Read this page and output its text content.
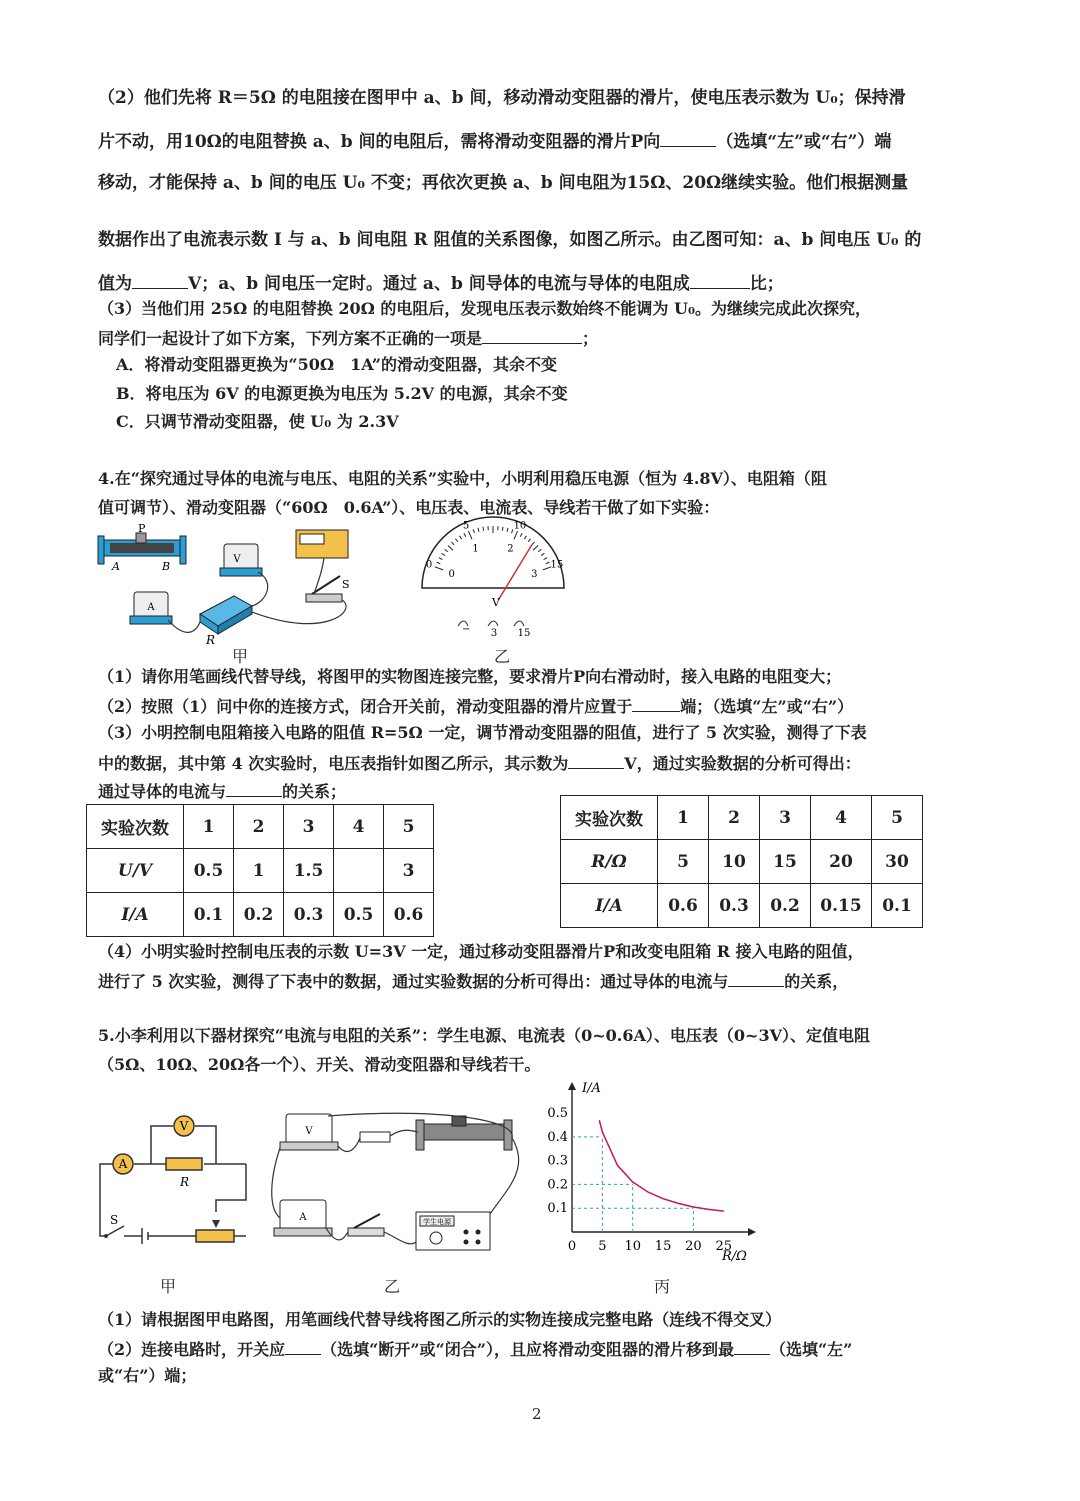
（2）他们先将 R＝5Ω 的电阻接在图甲中 a、b 间，移动滑动变阻器的滑片，使电压表示数为 U₀；保持滑
片不动，用10Ω的电阻替换 a、b 间的电阻后，需将滑动变阻器的滑片P向	（选填“左”或“右”）端
移动，才能保持 a、b 间的电压 U₀ 不变；再依次更换 a、b 间电阻为15Ω、20Ω继续实验。他们根据测量
数据作出了电流表示数 I 与 a、b 间电阻 R 阻值的关系图像，如图乙所示。由乙图可知：a、b 间电压 U₀ 的
值为	V；a、b 间电压一定时。通过 a、b 间导体的电流与导体的电阻成	比；
（3）当他们用 25Ω 的电阻替换 20Ω 的电阻后，发现电压表示数始终不能调为 U₀。为继续完成此次探究，
同学们一起设计了如下方案，下列方案不正确的一项是	；
A．将滑动变阻器更换为“50Ω　1A”的滑动变阻器，其余不变
B．将电压为 6V 的电源更换为电压为 5.2V 的电源，其余不变
C．只调节滑动变阻器，使 U₀ 为 2.3V
4.在“探究通过导体的电流与电压、电阻的关系”实验中，小明利用稳压电源（恒为 4.8V）、电阻箱（阻
值可调节）、滑动变阻器（“60Ω　0.6A”）、电压表、电流表、导线若干做了如下实验：
P
A	B
V
A
R
S
甲
0
5	10
15
0
1	2
3
V
− 3 15
乙
（1）请你用笔画线代替导线，将图甲的实物图连接完整，要求滑片P向右滑动时，接入电路的电阻变大；
（2）按照（1）问中你的连接方式，闭合开关前，滑动变阻器的滑片应置于	端；（选填“左”或“右”）
（3）小明控制电阻箱接入电路的阻值 R=5Ω 一定，调节滑动变阻器的阻值，进行了 5 次实验，测得了下表
中的数据，其中第 4 次实验时，电压表指针如图乙所示，其示数为	V，通过实验数据的分析可得出：
通过导体的电流与	的关系；
实验次数	1	2	3	4	5
U/V	0.5	1	1.5		3
I/A	0.1	0.2	0.3	0.5	0.6
实验次数	1	2	3	4	5
R/Ω	5	10	15	20	30
I/A	0.6	0.3	0.2	0.15	0.1
（4）小明实验时控制电压表的示数 U=3V 一定，通过移动变阻器滑片P和改变电阻箱 R 接入电路的阻值，
进行了 5 次实验，测得了下表中的数据，通过实验数据的分析可得出：通过导体的电流与	的关系，
5.小李利用以下器材探究“电流与电阻的关系”：学生电源、电流表（0~0.6A）、电压表（0~3V）、定值电阻
（5Ω、10Ω、20Ω各一个）、开关、滑动变阻器和导线若干。
A
V
R
S
甲
V
A	学生电源
乙
I/A
R/Ω
0 5 10 15 20 25
0.1
0.2
0.3
0.4
0.5
丙
（1）请根据图甲电路图，用笔画线代替导线将图乙所示的实物连接成完整电路（连线不得交叉）
（2）连接电路时，开关应 （选填“断开”或“闭合”），且应将滑动变阻器的滑片移到最 （选填“左”
或“右”）端；
2
